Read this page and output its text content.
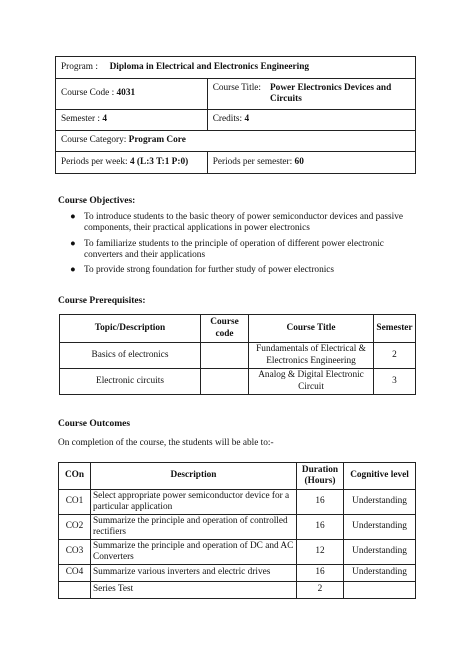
Program : Diploma in Electrical and Electronics Engineering	
Course Code : 4031	Course Title: Power Electronics Devices and Circuits

Semester : 4	Credits: 4
Course Category: Program Core	
Periods per week: 4 (L:3 T:1 P:0)	Periods per semester: 60
Course Objectives:
● To introduce students to the basic theory of power semiconductor devices and passive components, their practical applications in power electronics
● To familiarize students to the principle of operation of different power electronic converters and their applications
● To provide strong foundation for further study of power electronics
Course Prerequisites:
Topic/Description	Course code	Course Title	Semester
Basics of electronics		Fundamentals of Electrical & Electronics Engineering	2
Electronic circuits		Analog & Digital Electronic Circuit	3
Course Outcomes
On completion of the course, the students will be able to:-
COn	Description	Duration (Hours)	Cognitive level
CO1	Select appropriate power semiconductor device for a particular application	16	Understanding
CO2	Summarize the principle and operation of controlled rectifiers	16	Understanding
CO3	Summarize the principle and operation of DC and AC Converters	12	Understanding
CO4	Summarize various inverters and electric drives	16	Understanding
	Series Test	2	
